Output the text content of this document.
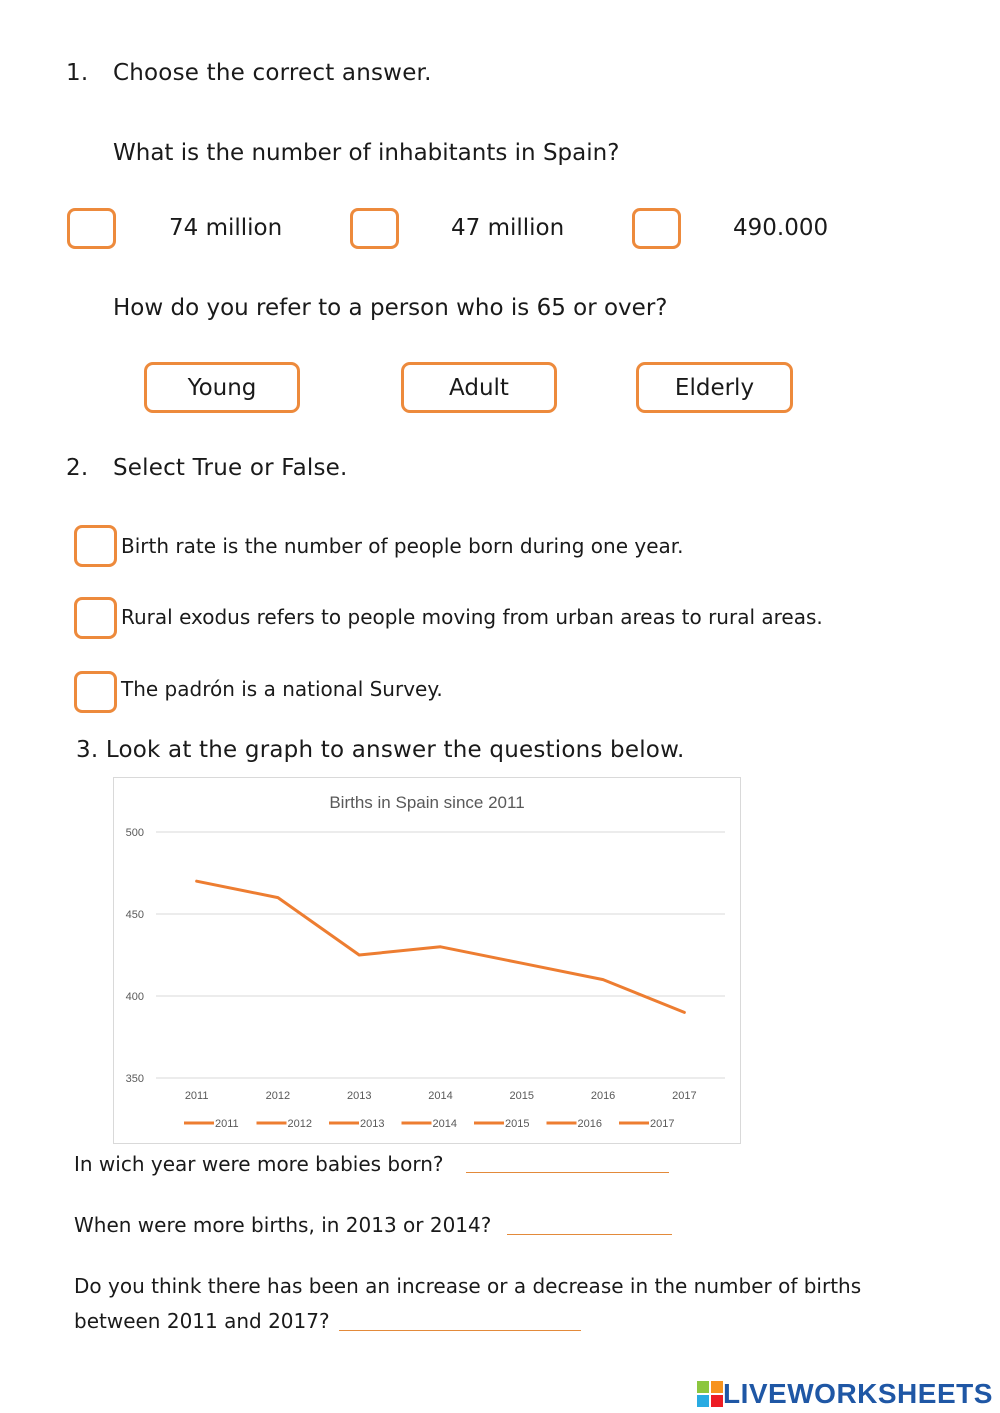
1. Choose the correct answer.
What is the number of inhabitants in Spain?
74 million	47 million	490.000
How do you refer to a person who is 65 or over?
Young	Adult	Elderly
2. Select True or False.
Birth rate is the number of people born during one year.
Rural exodus refers to people moving from urban areas to rural areas.
The padrón is a national Survey.
3. Look at the graph to answer the questions below.
Births in Spain since 2011
500
450
400
350
2011	2012	2013	2014	2015	2016	2017
2011	2012	2013	2014	2015	2016	2017
In wich year were more babies born?
When were more births, in 2013 or 2014?
Do you think there has been an increase or a decrease in the number of births
between 2011 and 2017?
LIVEWORKSHEETS
